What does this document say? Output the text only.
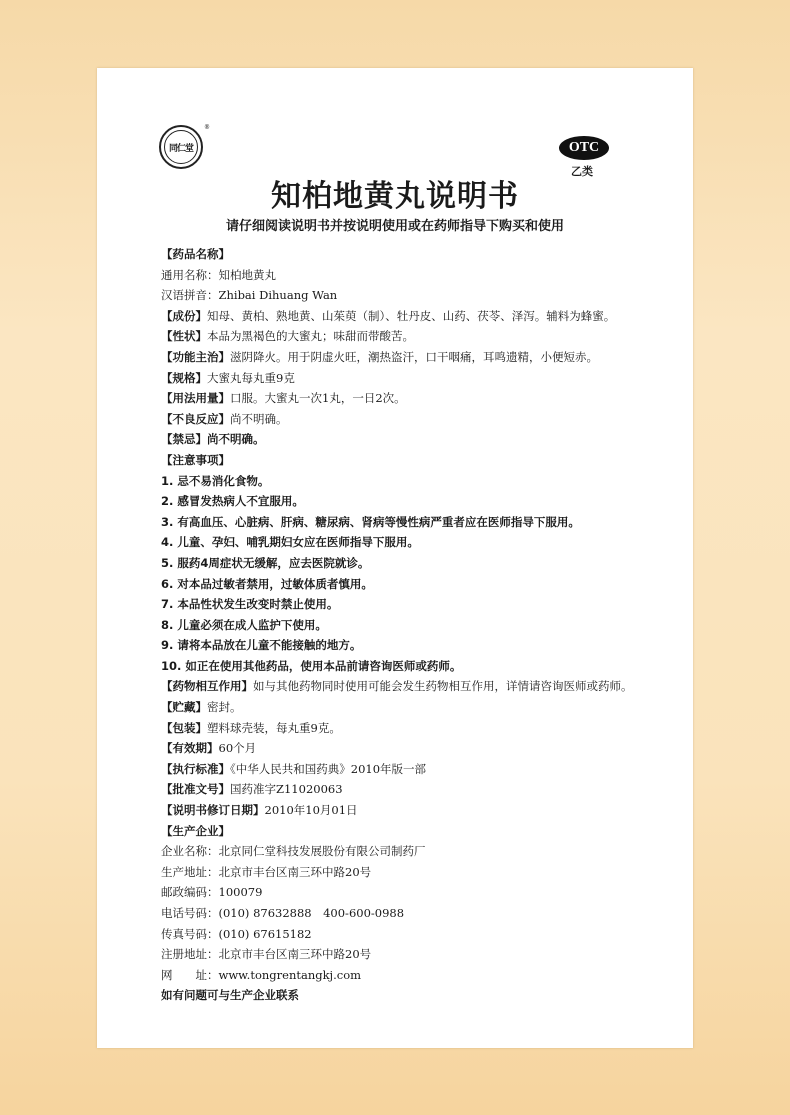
同仁堂
®
OTC
乙类
知柏地黄丸说明书
请仔细阅读说明书并按说明使用或在药师指导下购买和使用
【药品名称】
通用名称：知柏地黄丸
汉语拼音：Zhibai Dihuang Wan
【成份】知母、黄柏、熟地黄、山茱萸（制）、牡丹皮、山药、茯苓、泽泻。辅料为蜂蜜。
【性状】本品为黑褐色的大蜜丸；味甜而带酸苦。
【功能主治】滋阴降火。用于阴虚火旺，潮热盗汗，口干咽痛，耳鸣遗精，小便短赤。
【规格】大蜜丸每丸重9克
【用法用量】口服。大蜜丸一次1丸，一日2次。
【不良反应】尚不明确。
【禁忌】尚不明确。
【注意事项】
1. 忌不易消化食物。
2. 感冒发热病人不宜服用。
3. 有高血压、心脏病、肝病、糖尿病、肾病等慢性病严重者应在医师指导下服用。
4. 儿童、孕妇、哺乳期妇女应在医师指导下服用。
5. 服药4周症状无缓解，应去医院就诊。
6. 对本品过敏者禁用，过敏体质者慎用。
7. 本品性状发生改变时禁止使用。
8. 儿童必须在成人监护下使用。
9. 请将本品放在儿童不能接触的地方。
10. 如正在使用其他药品，使用本品前请咨询医师或药师。
【药物相互作用】如与其他药物同时使用可能会发生药物相互作用，详情请咨询医师或药师。
【贮藏】密封。
【包装】塑料球壳装，每丸重9克。
【有效期】60个月
【执行标准】《中华人民共和国药典》2010年版一部
【批准文号】国药准字Z11020063
【说明书修订日期】2010年10月01日
【生产企业】
企业名称：北京同仁堂科技发展股份有限公司制药厂
生产地址：北京市丰台区南三环中路20号
邮政编码：100079
电话号码：(010) 87632888　400-600-0988
传真号码：(010) 67615182
注册地址：北京市丰台区南三环中路20号
网　　址：www.tongrentangkj.com
如有问题可与生产企业联系
